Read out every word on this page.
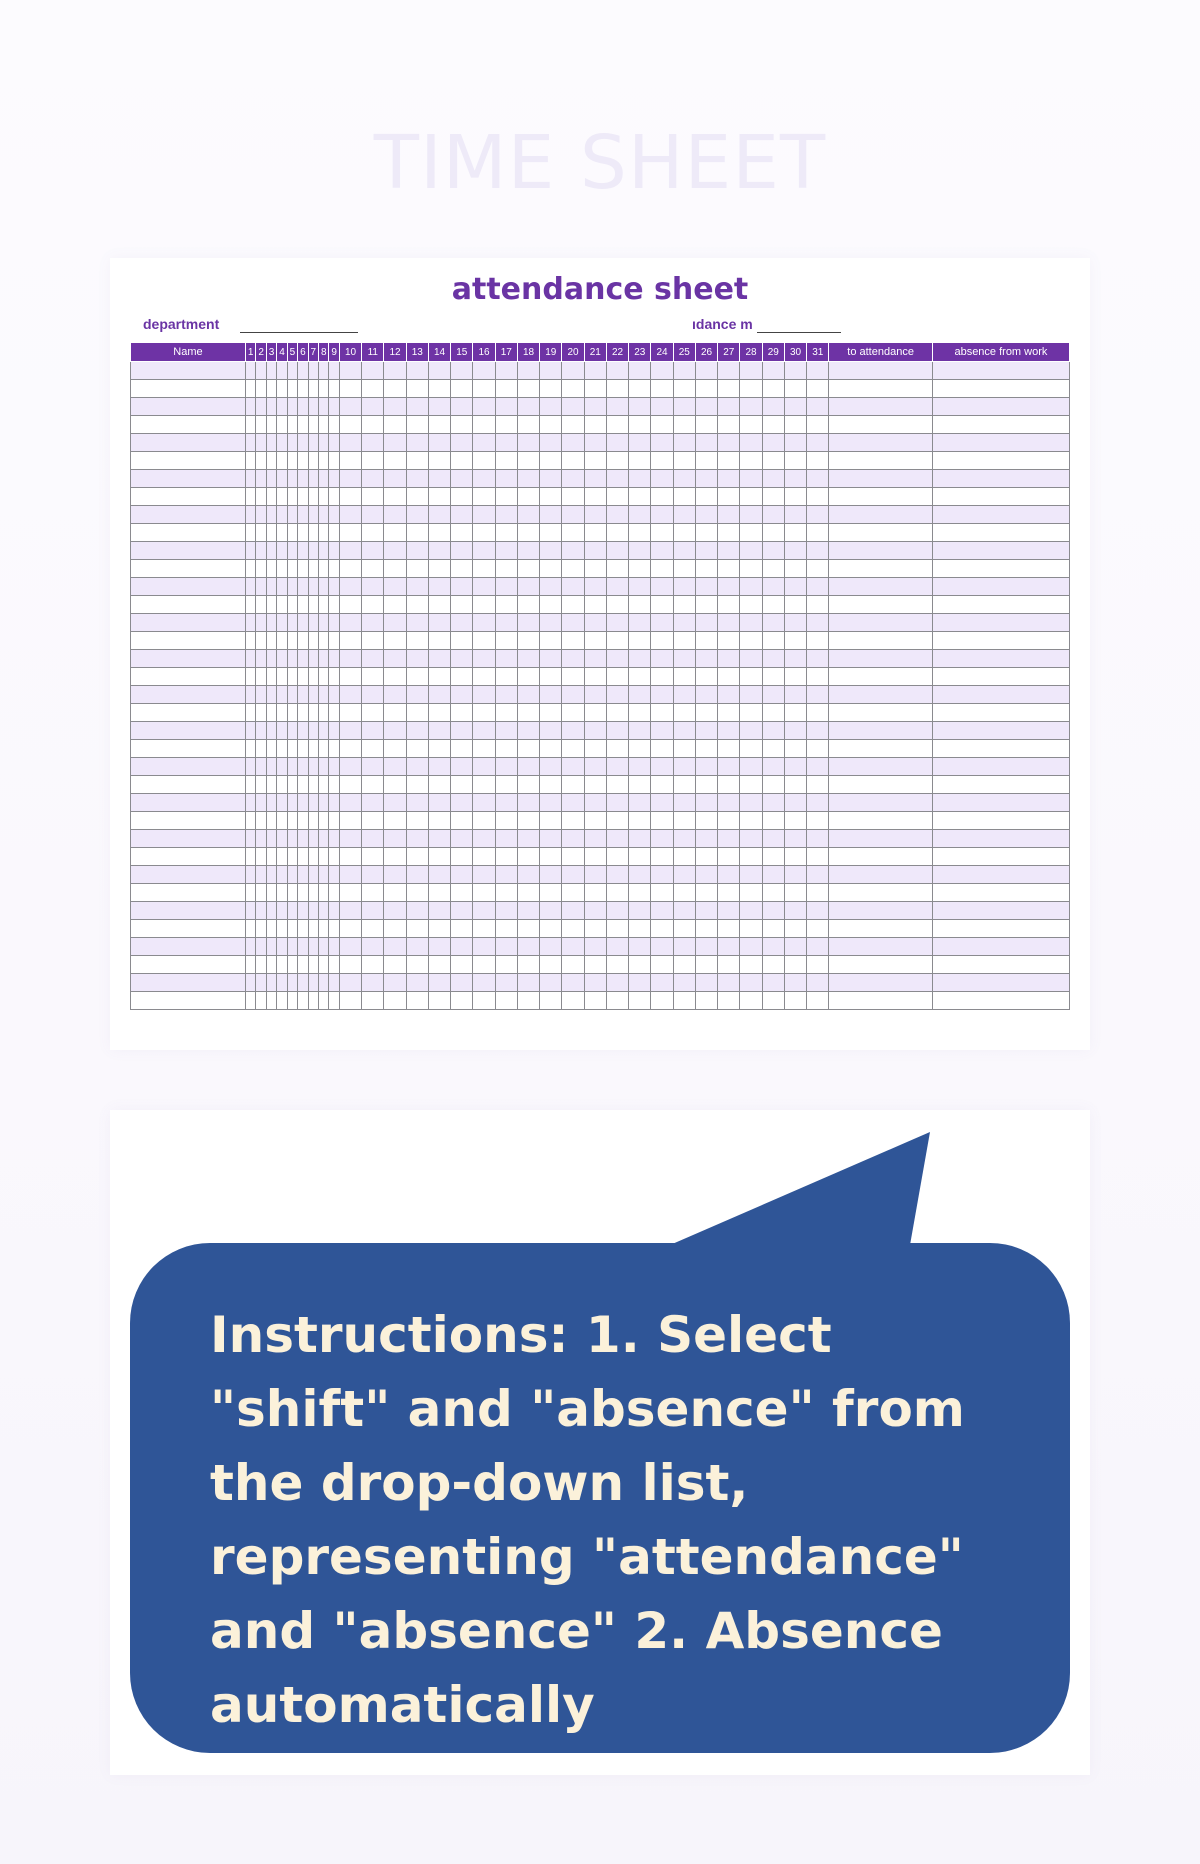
TIME SHEET
attendance sheet
department	ıdance m
Name	1	2	3	4	5	6	7	8	9	10	11	12	13	14	15	16	17	18	19	20	21	22	23	24	25	26	27	28	29	30	31	to attendance	absence from work

Instructions: 1. Select "shift" and "absence" from the drop-down list, representing "attendance" and "absence" 2. Absence automatically
